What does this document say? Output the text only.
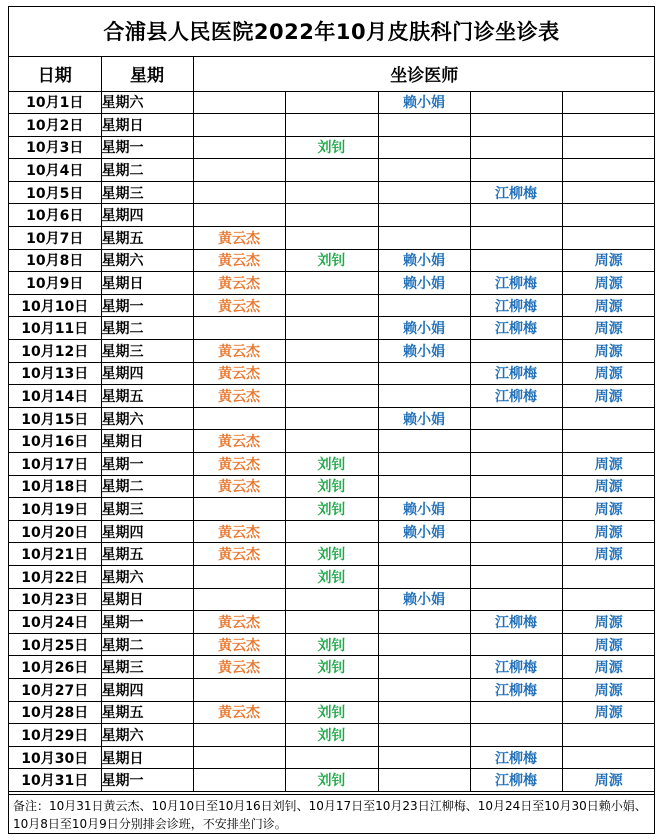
合浦县人民医院2022年10月皮肤科门诊坐诊表
日期	星期	坐诊医师				
10月1日	星期六			赖小娟		
10月2日	星期日					
10月3日	星期一		刘钊			
10月4日	星期二					
10月5日	星期三				江柳梅	
10月6日	星期四					
10月7日	星期五	黄云杰				
10月8日	星期六	黄云杰	刘钊	赖小娟		周源
10月9日	星期日	黄云杰		赖小娟	江柳梅	周源
10月10日	星期一	黄云杰			江柳梅	周源
10月11日	星期二			赖小娟	江柳梅	周源
10月12日	星期三	黄云杰		赖小娟		周源
10月13日	星期四	黄云杰			江柳梅	周源
10月14日	星期五	黄云杰			江柳梅	周源
10月15日	星期六			赖小娟		
10月16日	星期日	黄云杰				
10月17日	星期一	黄云杰	刘钊			周源
10月18日	星期二	黄云杰	刘钊			周源
10月19日	星期三		刘钊	赖小娟		周源
10月20日	星期四	黄云杰		赖小娟		周源
10月21日	星期五	黄云杰	刘钊			周源
10月22日	星期六		刘钊			
10月23日	星期日			赖小娟		
10月24日	星期一	黄云杰			江柳梅	周源
10月25日	星期二	黄云杰	刘钊			周源
10月26日	星期三	黄云杰	刘钊		江柳梅	周源
10月27日	星期四				江柳梅	周源
10月28日	星期五	黄云杰	刘钊			周源
10月29日	星期六		刘钊			
10月30日	星期日				江柳梅	
10月31日	星期一		刘钊		江柳梅	周源
备注：10月31日黄云杰、10月10日至10月16日刘钊、10月17日至10月23日江柳梅、10月24日至10月30日赖小娟、10月8日至10月9日分别排会诊班，不安排坐门诊。
